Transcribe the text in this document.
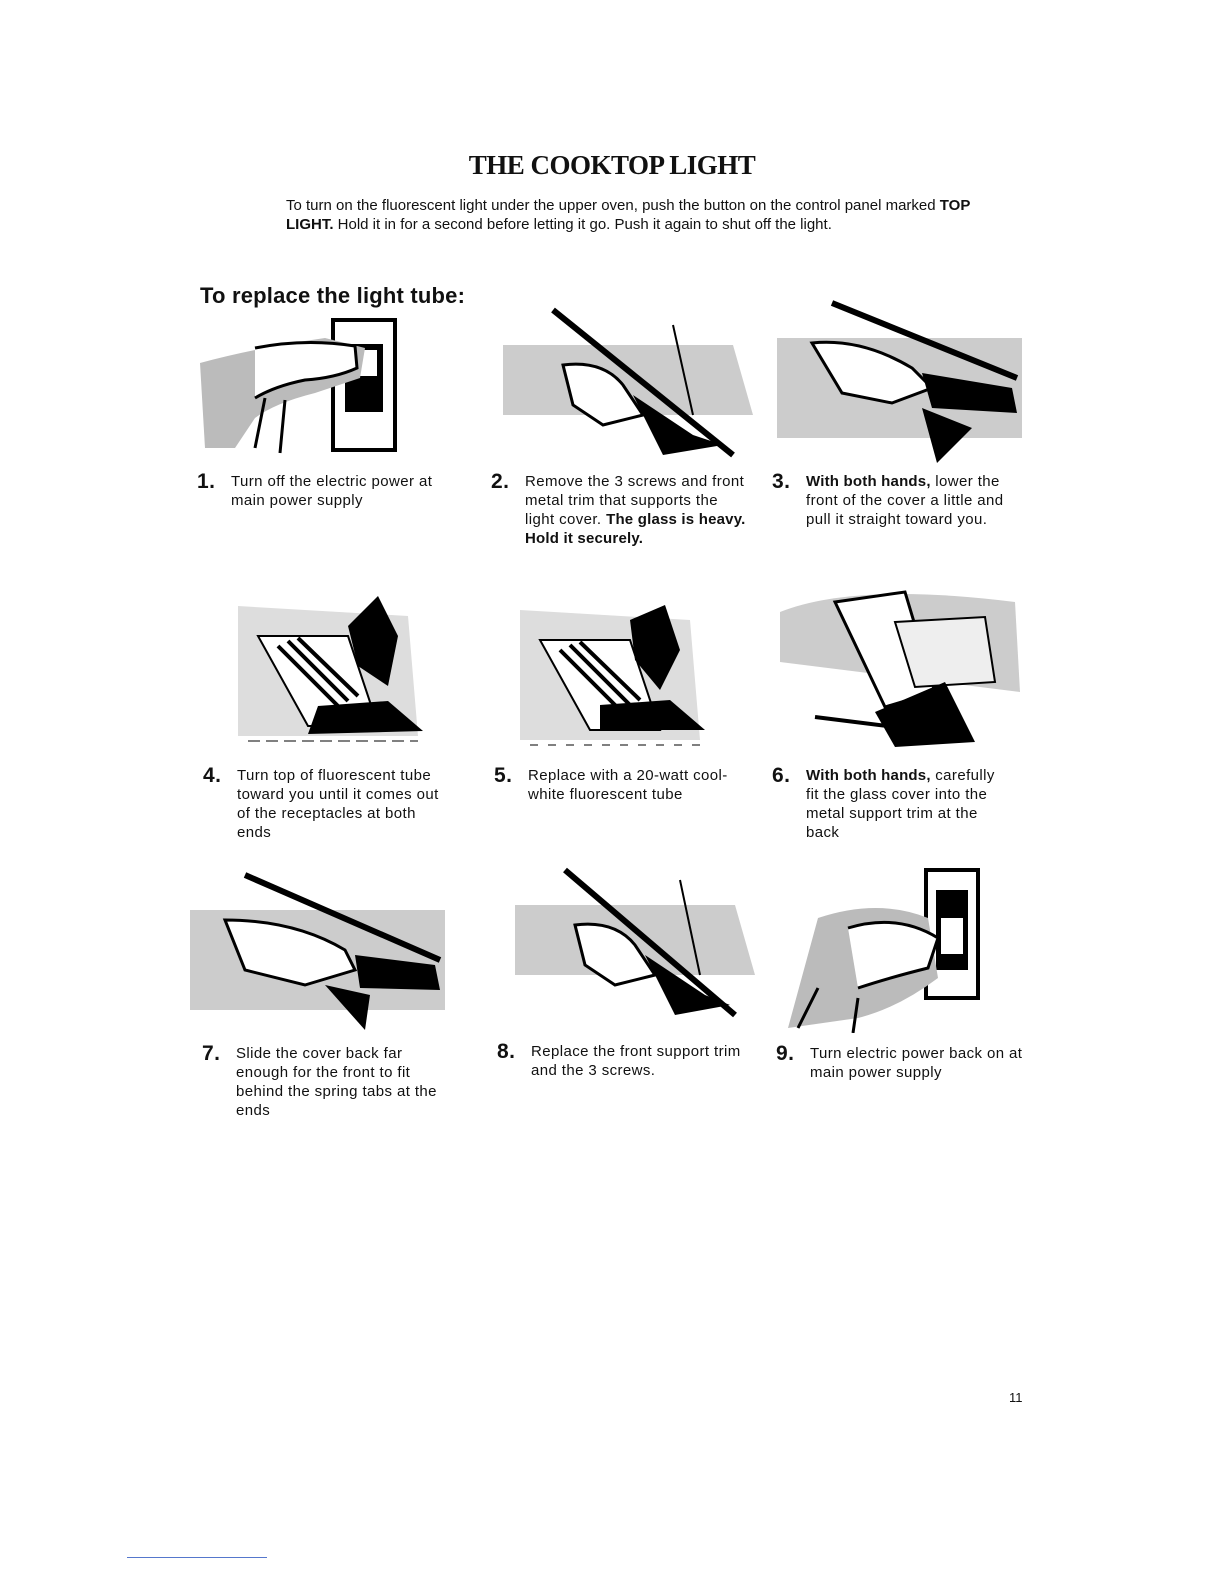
THE COOKTOP LIGHT

To turn on the fluorescent light under the upper oven, push the button on the control panel marked TOP LIGHT. Hold it in for a second before letting it go. Push it again to shut off the light.

To replace the light tube:
1. Turn off the electric power at main power supply
2. Remove the 3 screws and front metal trim that supports the light cover. The glass is heavy. Hold it securely.
3. With both hands, lower the front of the cover a little and pull it straight toward you.
4. Turn top of fluorescent tube toward you until it comes out of the receptacles at both ends
5. Replace with a 20-watt cool-white fluorescent tube
6. With both hands, carefully fit the glass cover into the metal support trim at the back
7. Slide the cover back far enough for the front to fit behind the spring tabs at the ends
8. Replace the front support trim and the 3 screws.
9. Turn electric power back on at main power supply
11
